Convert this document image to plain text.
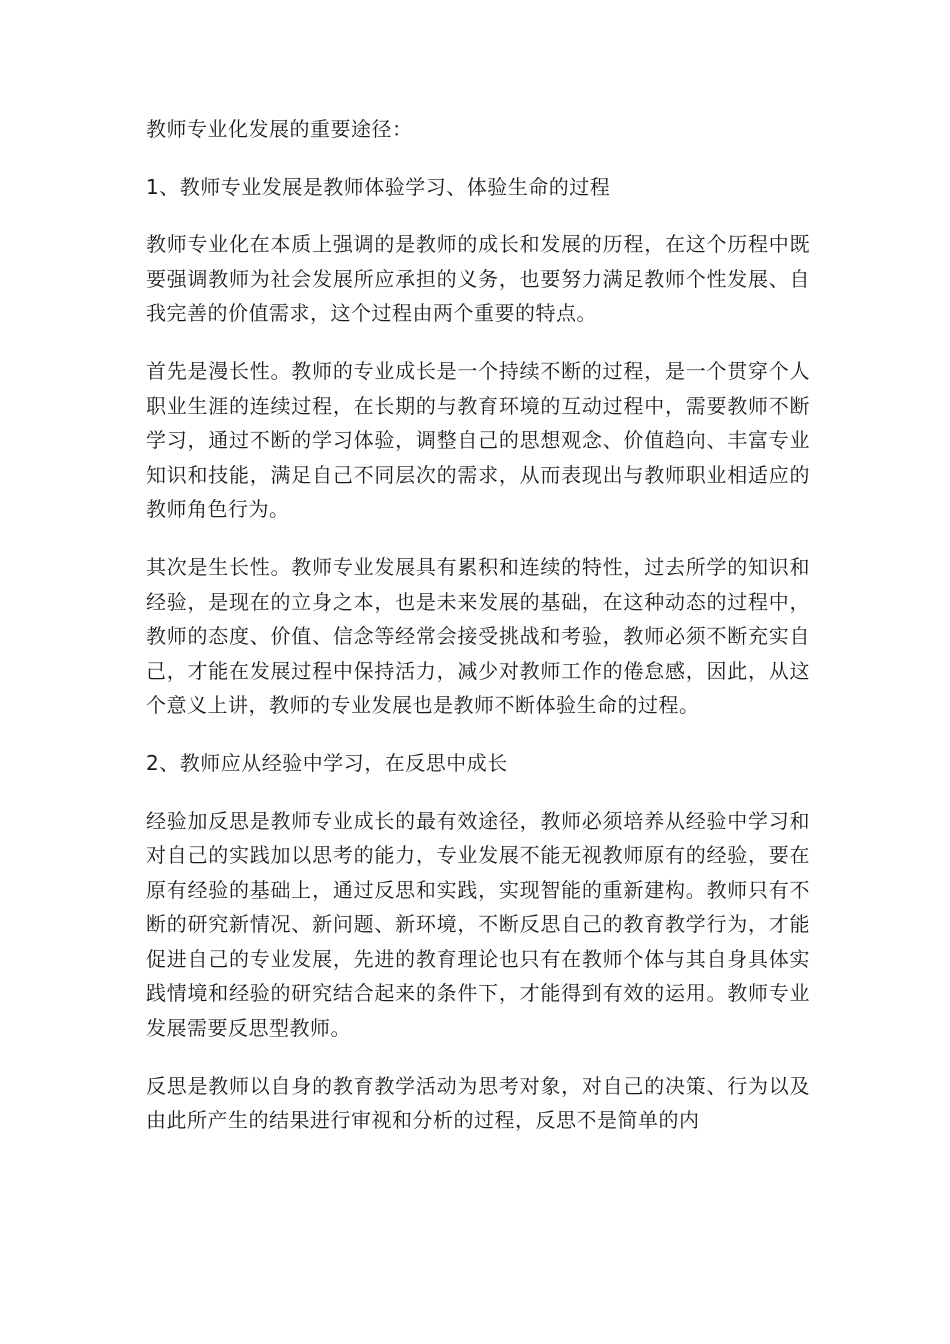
教师专业化发展的重要途径：

1、教师专业发展是教师体验学习、体验生命的过程

教师专业化在本质上强调的是教师的成长和发展的历程，在这个历程中既要强调教师为社会发展所应承担的义务，也要努力满足教师个性发展、自我完善的价值需求，这个过程由两个重要的特点。

首先是漫长性。教师的专业成长是一个持续不断的过程，是一个贯穿个人职业生涯的连续过程，在长期的与教育环境的互动过程中，需要教师不断学习，通过不断的学习体验，调整自己的思想观念、价值趋向、丰富专业知识和技能，满足自己不同层次的需求，从而表现出与教师职业相适应的教师角色行为。

其次是生长性。教师专业发展具有累积和连续的特性，过去所学的知识和经验，是现在的立身之本，也是未来发展的基础，在这种动态的过程中，教师的态度、价值、信念等经常会接受挑战和考验，教师必须不断充实自己，才能在发展过程中保持活力，减少对教师工作的倦怠感，因此，从这个意义上讲，教师的专业发展也是教师不断体验生命的过程。

2、教师应从经验中学习，在反思中成长

经验加反思是教师专业成长的最有效途径，教师必须培养从经验中学习和对自己的实践加以思考的能力，专业发展不能无视教师原有的经验，要在原有经验的基础上，通过反思和实践，实现智能的重新建构。教师只有不断的研究新情况、新问题、新环境，不断反思自己的教育教学行为，才能促进自己的专业发展，先进的教育理论也只有在教师个体与其自身具体实践情境和经验的研究结合起来的条件下，才能得到有效的运用。教师专业发展需要反思型教师。

反思是教师以自身的教育教学活动为思考对象，对自己的决策、行为以及由此所产生的结果进行审视和分析的过程，反思不是简单的内
